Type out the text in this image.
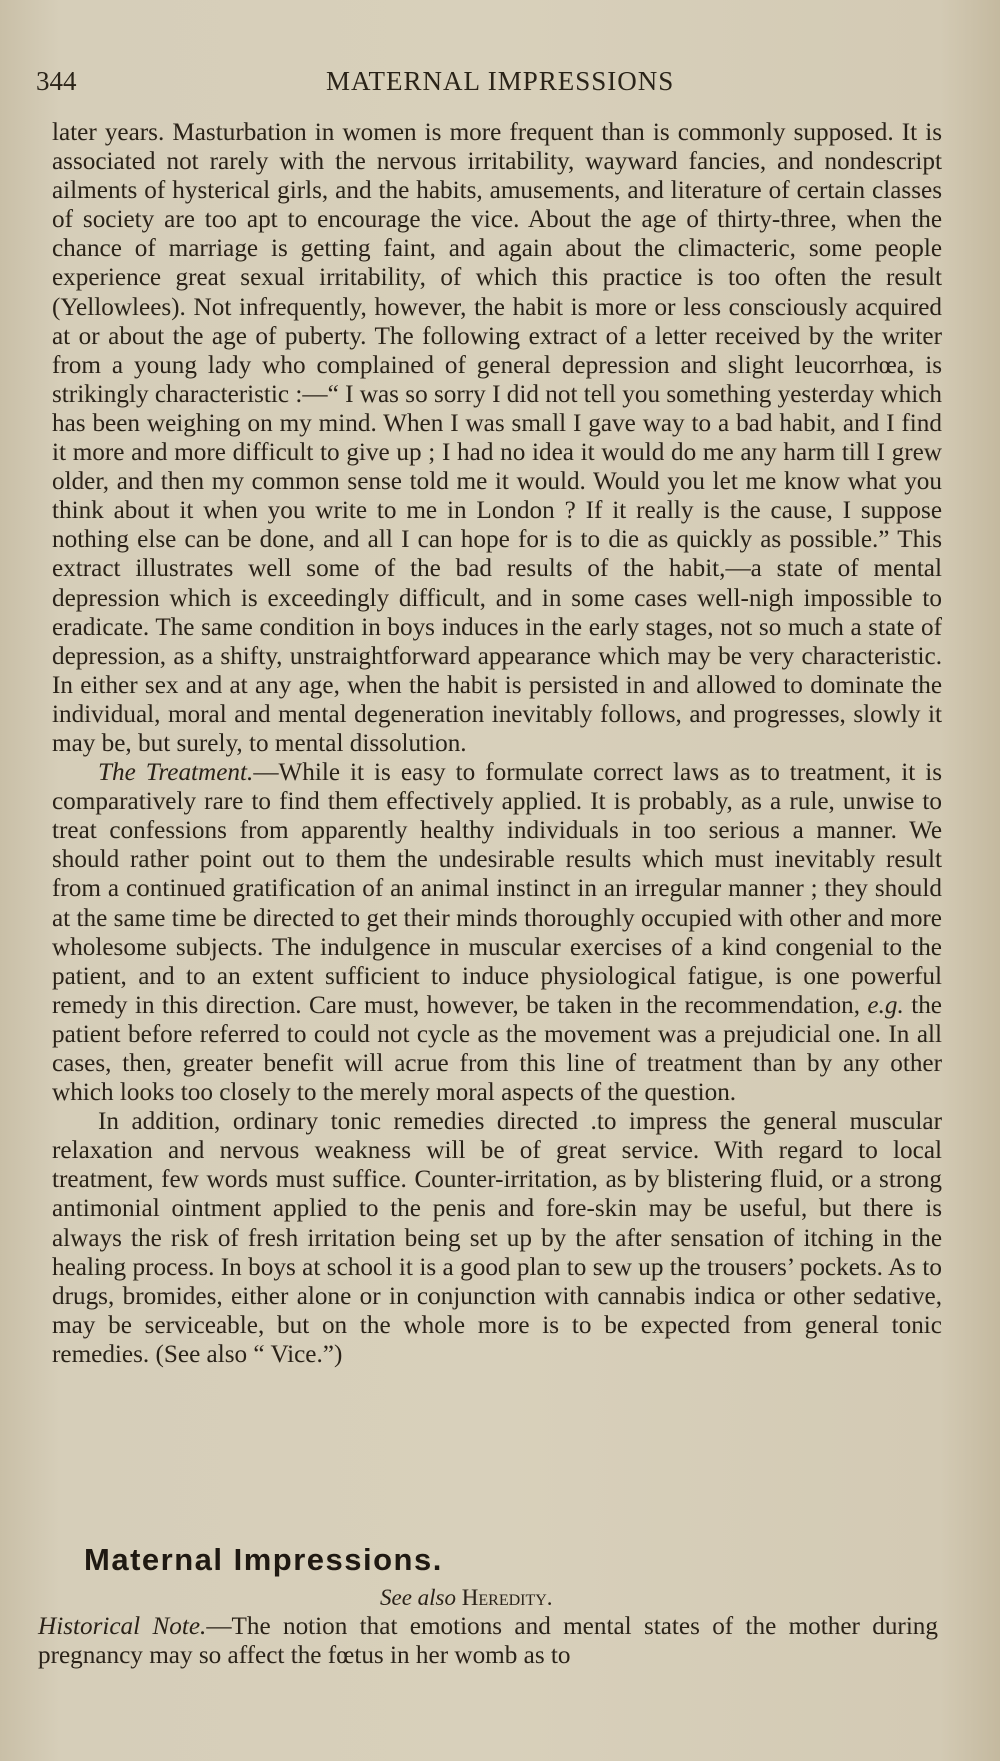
344	MATERNAL IMPRESSIONS

later years. Masturbation in women is more frequent than is commonly supposed. It is associated not rarely with the nervous irritability, wayward fancies, and nondescript ailments of hysterical girls, and the habits, amusements, and literature of certain classes of society are too apt to encourage the vice. About the age of thirty-three, when the chance of marriage is getting faint, and again about the climacteric, some people experience great sexual irritability, of which this practice is too often the result (Yellowlees). Not infrequently, however, the habit is more or less consciously acquired at or about the age of puberty. The following extract of a letter received by the writer from a young lady who complained of general depression and slight leucorrhœa, is strikingly characteristic :—“ I was so sorry I did not tell you something yesterday which has been weighing on my mind. When I was small I gave way to a bad habit, and I find it more and more difficult to give up ; I had no idea it would do me any harm till I grew older, and then my common sense told me it would. Would you let me know what you think about it when you write to me in London ? If it really is the cause, I suppose nothing else can be done, and all I can hope for is to die as quickly as possible.” This extract illustrates well some of the bad results of the habit,—a state of mental depression which is exceedingly difficult, and in some cases well-nigh impossible to eradicate. The same condition in boys induces in the early stages, not so much a state of depression, as a shifty, unstraightforward appearance which may be very characteristic. In either sex and at any age, when the habit is persisted in and allowed to dominate the individual, moral and mental degeneration inevitably follows, and progresses, slowly it may be, but surely, to mental dissolution.

The Treatment.—While it is easy to formulate correct laws as to treatment, it is comparatively rare to find them effectively applied. It is probably, as a rule, unwise to treat confessions from apparently healthy individuals in too serious a manner. We should rather point out to them the undesirable results which must inevitably result from a continued gratification of an animal instinct in an irregular manner ; they should at the same time be directed to get their minds thoroughly occupied with other and more wholesome subjects. The indulgence in muscular exercises of a kind congenial to the patient, and to an extent sufficient to induce physiological fatigue, is one powerful remedy in this direction. Care must, however, be taken in the recommendation, e.g. the patient before referred to could not cycle as the movement was a prejudicial one. In all cases, then, greater benefit will acrue from this line of treatment than by any other which looks too closely to the merely moral aspects of the question.

In addition, ordinary tonic remedies directed .to impress the general muscular relaxation and nervous weakness will be of great service. With regard to local treatment, few words must suffice. Counter-irritation, as by blistering fluid, or a strong antimonial ointment applied to the penis and fore-skin may be useful, but there is always the risk of fresh irritation being set up by the after sensation of itching in the healing process. In boys at school it is a good plan to sew up the trousers’ pockets. As to drugs, bromides, either alone or in conjunction with cannabis indica or other sedative, may be serviceable, but on the whole more is to be expected from general tonic remedies. (See also “ Vice.”)

Maternal Impressions.
See also Heredity.

Historical Note.—The notion that emotions and mental states of the mother during pregnancy may so affect the fœtus in her womb as to
